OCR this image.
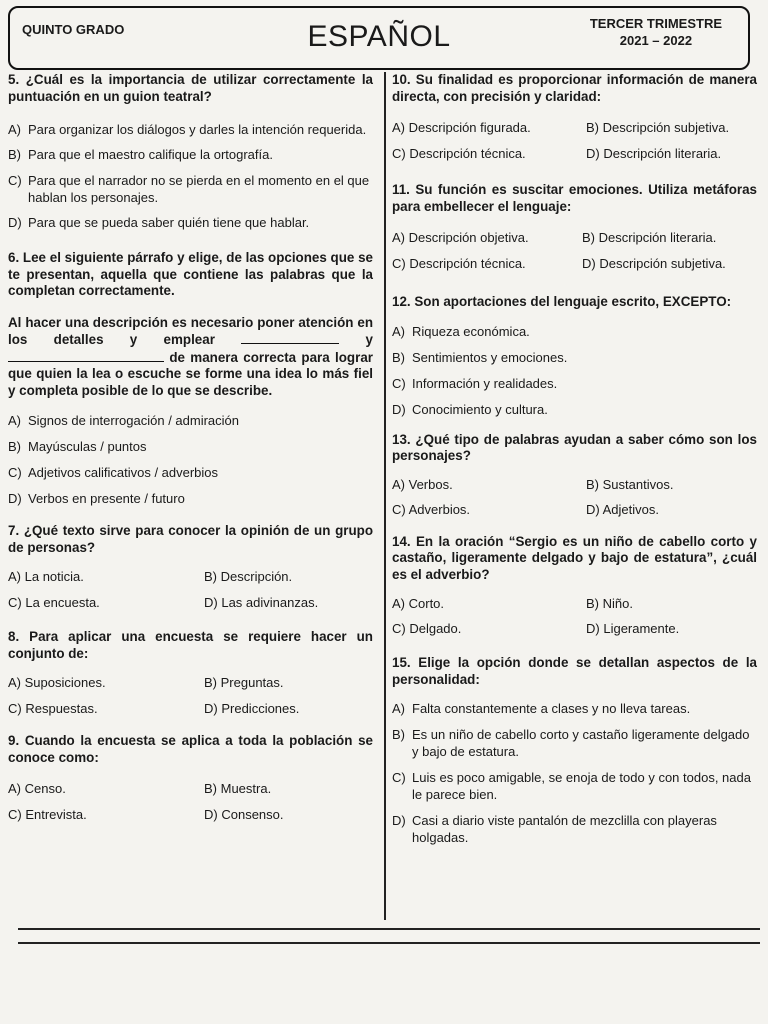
QUINTO GRADO	ESPAÑOL	TERCER TRIMESTRE
2021 – 2022

5. ¿Cuál es la importancia de utilizar correctamente la puntuación en un guion teatral?

A) Para organizar los diálogos y darles la intención requerida.

B) Para que el maestro califique la ortografía.

C) Para que el narrador no se pierda en el momento en el que hablan los personajes.

D) Para que se pueda saber quién tiene que hablar.

6. Lee el siguiente párrafo y elige, de las opciones que se te presentan, aquella que contiene las palabras que la completan correctamente.

Al hacer una descripción es necesario poner atención en los detalles y emplear	y  de manera correcta para lograr que quien la lea o escuche se forme una idea lo más fiel y completa posible de lo que se describe.

A) Signos de interrogación / admiración

B) Mayúsculas / puntos

C) Adjetivos calificativos / adverbios

D) Verbos en presente / futuro

7. ¿Qué texto sirve para conocer la opinión de un grupo de personas?

A) La noticia.	B) Descripción.

C) La encuesta.	D) Las adivinanzas.

8. Para aplicar una encuesta se requiere hacer un conjunto de:

A) Suposiciones.	B) Preguntas.

C) Respuestas.	D) Predicciones.

9. Cuando la encuesta se aplica a toda la población se conoce como:

A) Censo.	B) Muestra.

C) Entrevista.	D) Consenso.

10. Su finalidad es proporcionar información de manera directa, con precisión y claridad:

A) Descripción figurada.	B) Descripción subjetiva.

C) Descripción técnica.	D) Descripción literaria.

11. Su función es suscitar emociones. Utiliza metáforas para embellecer el lenguaje:

A) Descripción objetiva.	B) Descripción literaria.

C) Descripción técnica.	D) Descripción subjetiva.

12. Son aportaciones del lenguaje escrito, EXCEPTO:

A) Riqueza económica.

B) Sentimientos y emociones.

C) Información y realidades.

D) Conocimiento y cultura.

13. ¿Qué tipo de palabras ayudan a saber cómo son los personajes?

A) Verbos.	B) Sustantivos.

C) Adverbios.	D) Adjetivos.

14. En la oración “Sergio es un niño de cabello corto y castaño, ligeramente delgado y bajo de estatura”, ¿cuál es el adverbio?

A) Corto.	B) Niño.

C) Delgado.	D) Ligeramente.

15. Elige la opción donde se detallan aspectos de la personalidad:

A) Falta constantemente a clases y no lleva tareas.

B) Es un niño de cabello corto y castaño ligeramente delgado y bajo de estatura.

C) Luis es poco amigable, se enoja de todo y con todos, nada le parece bien.

D) Casi a diario viste pantalón de mezclilla con playeras holgadas.
